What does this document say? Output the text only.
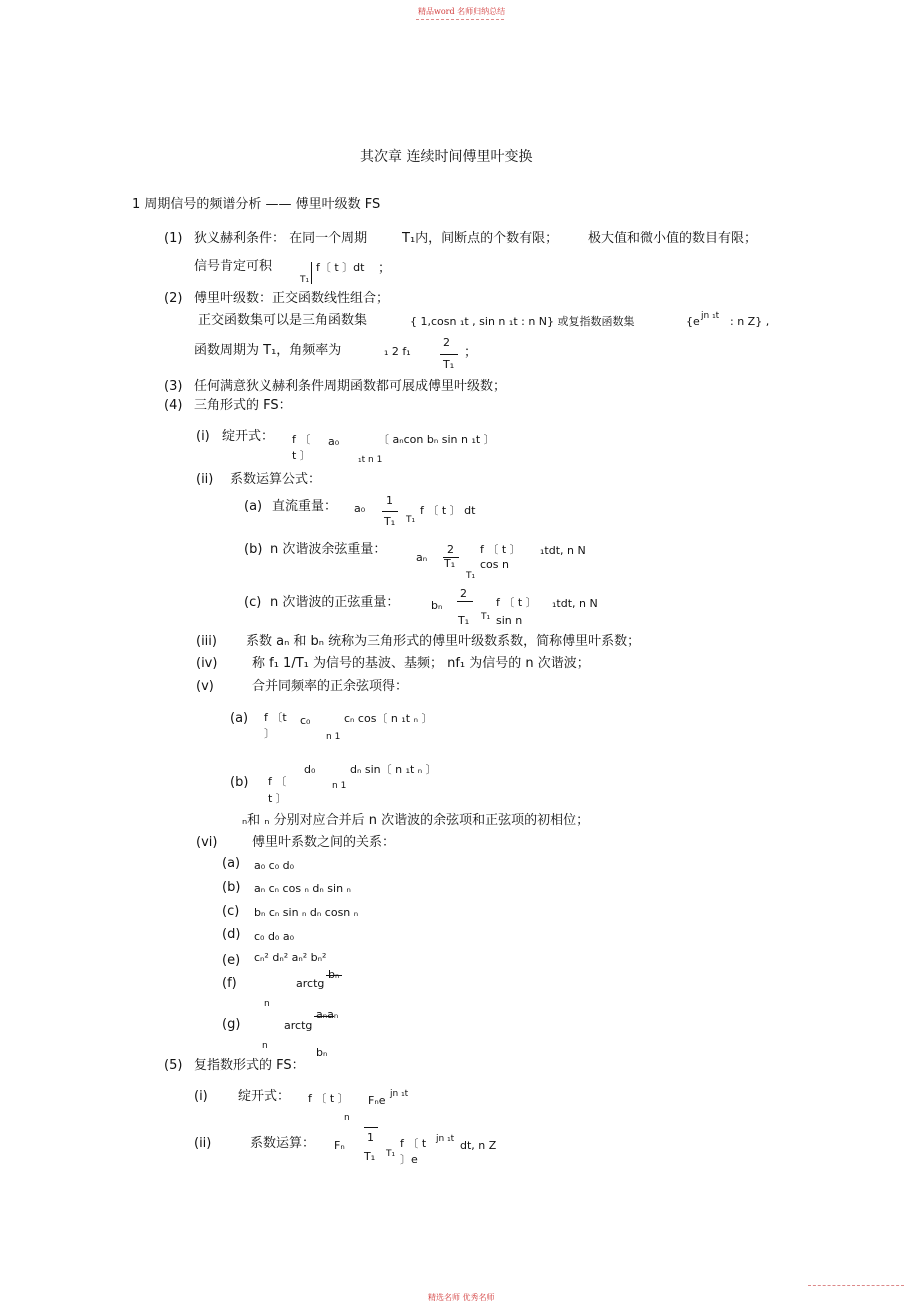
精品word 名师归纳总结
精选名师 优秀名师
其次章 连续时间傅里叶变换
1 周期信号的频谱分析 —— 傅里叶级数 FS
(1) 狄义赫利条件： 在同一个周期	T₁内，间断点的个数有限； 极大值和微小值的数目有限；
信号肯定可积
T₁
f〔 t 〕dt ；
(2) 傅里叶级数：正交函数线性组合；
正交函数集可以是三角函数集	{ 1,cosn ₁t , sin n ₁t : n N} 或复指数函数集	{e jn ₁t : n Z} ,
函数周期为 T₁，角频率为	₁ 2 f₁
2
T₁
；
(3) 任何满意狄义赫利条件周期函数都可展成傅里叶级数；
(4) 三角形式的 FS：
(i) 绽开式： f 〔
t 〕
a₀	〔 aₙcon bₙ sin n ₁t 〕
₁t n 1
(ii) 系数运算公式：
(a) 直流重量： a₀
1
T₁ T₁
f 〔 t 〕 dt
(b) n 次谐波余弦重量：
aₙ
2
T₁
f 〔 t 〕
cos n
T₁
₁tdt, n N
(c) n 次谐波的正弦重量：	bₙ
2
T₁ T₁
f 〔 t 〕
sin n
₁tdt, n N
(iii) 系数 aₙ 和 bₙ 统称为三角形式的傅里叶级数系数，简称傅里叶系数；
(iv)	称 f₁ 1/T₁ 为信号的基波、基频； nf₁ 为信号的 n 次谐波；
(v)	合并同频率的正余弦项得：
(a) f 〔t
〕
c₀	cₙ cos〔 n ₁t ₙ 〕
n 1
d₀	dₙ sin〔 n ₁t ₙ 〕
(b) f 〔	n 1
t 〕
ₙ和 ₙ 分别对应合并后 n 次谐波的余弦项和正弦项的初相位；
(vi)	傅里叶系数之间的关系：
(a) a₀ c₀ d₀
(b) aₙ cₙ cos ₙ dₙ sin ₙ
(c) bₙ cₙ sin ₙ dₙ cosn ₙ
(d) c₀ d₀ a₀
(e) cₙ² dₙ² aₙ² bₙ²
(f)	arctg
bₙ
n
(g)	arctg
aₙaₙ
n	bₙ
(5) 复指数形式的 FS：
(i) 绽开式： f 〔 t 〕 Fₙe jn ₁t
n
(ii)	系数运算： Fₙ
1
T₁ T₁
f 〔 t
〕e
jn ₁t dt, n Z
